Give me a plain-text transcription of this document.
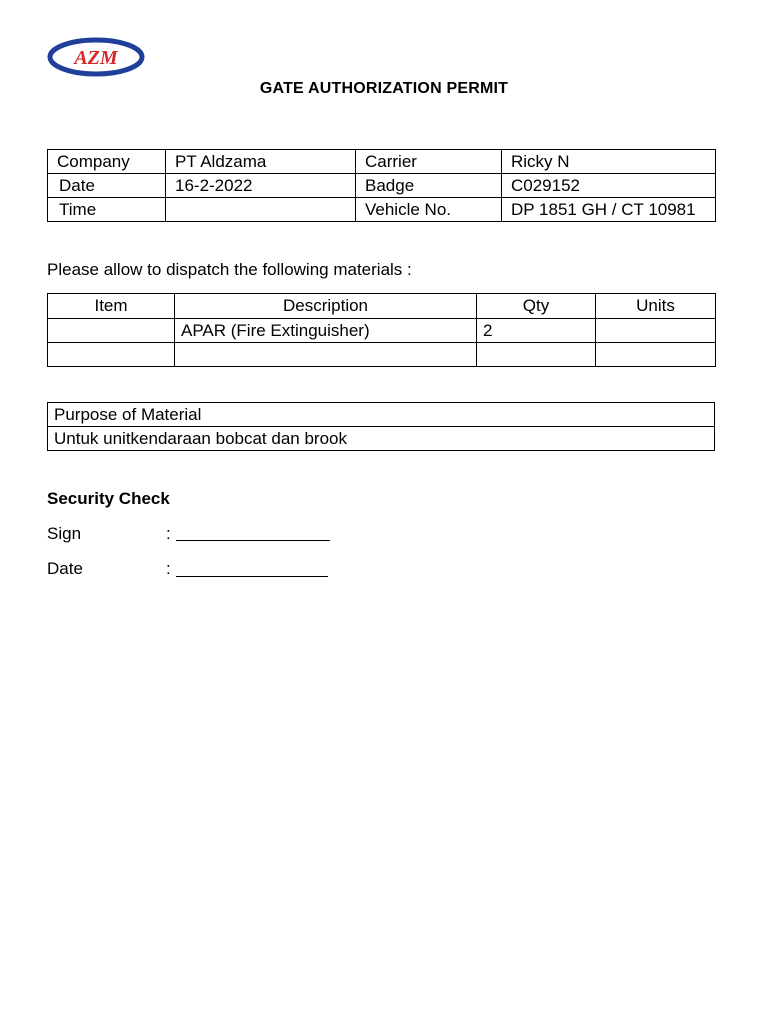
AZM
GATE AUTHORIZATION PERMIT
Company	PT Aldzama	Carrier	Ricky N
Date	16-2-2022	Badge	C029152
Time		Vehicle No.	DP 1851 GH / CT 10981
Please allow to dispatch the following materials :
Item	Description	Qty	Units
	APAR (Fire Extinguisher)	2	

Purpose of Material
Untuk unitkendaraan bobcat dan brook
Security Check
Sign	:
Date	:
